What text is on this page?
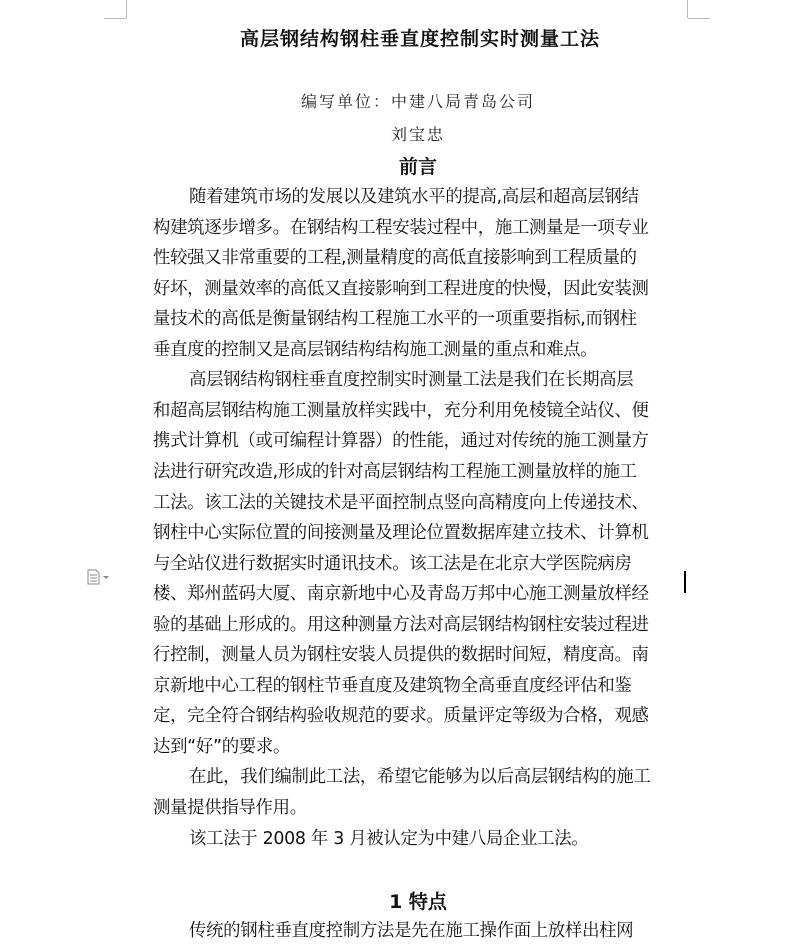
高层钢结构钢柱垂直度控制实时测量工法
编写单位：中建八局青岛公司
刘宝忠
前言
随着建筑市场的发展以及建筑水平的提高,高层和超高层钢结
构建筑逐步增多。在钢结构工程安装过程中，施工测量是一项专业
性较强又非常重要的工程,测量精度的高低直接影响到工程质量的
好坏，测量效率的高低又直接影响到工程进度的快慢，因此安装测
量技术的高低是衡量钢结构工程施工水平的一项重要指标,而钢柱
垂直度的控制又是高层钢结构结构施工测量的重点和难点。
高层钢结构钢柱垂直度控制实时测量工法是我们在长期高层
和超高层钢结构施工测量放样实践中，充分利用免棱镜全站仪、便
携式计算机（或可编程计算器）的性能，通过对传统的施工测量方
法进行研究改造,形成的针对高层钢结构工程施工测量放样的施工
工法。该工法的关键技术是平面控制点竖向高精度向上传递技术、
钢柱中心实际位置的间接测量及理论位置数据库建立技术、计算机
与全站仪进行数据实时通讯技术。该工法是在北京大学医院病房
楼、郑州蓝码大厦、南京新地中心及青岛万邦中心施工测量放样经
验的基础上形成的。用这种测量方法对高层钢结构钢柱安装过程进
行控制，测量人员为钢柱安装人员提供的数据时间短，精度高。南
京新地中心工程的钢柱节垂直度及建筑物全高垂直度经评估和鉴
定，完全符合钢结构验收规范的要求。质量评定等级为合格，观感
达到“好”的要求。
在此，我们编制此工法，希望它能够为以后高层钢结构的施工
测量提供指导作用。
该工法于 2008 年 3 月被认定为中建八局企业工法。
1 特点
传统的钢柱垂直度控制方法是先在施工操作面上放样出柱网
